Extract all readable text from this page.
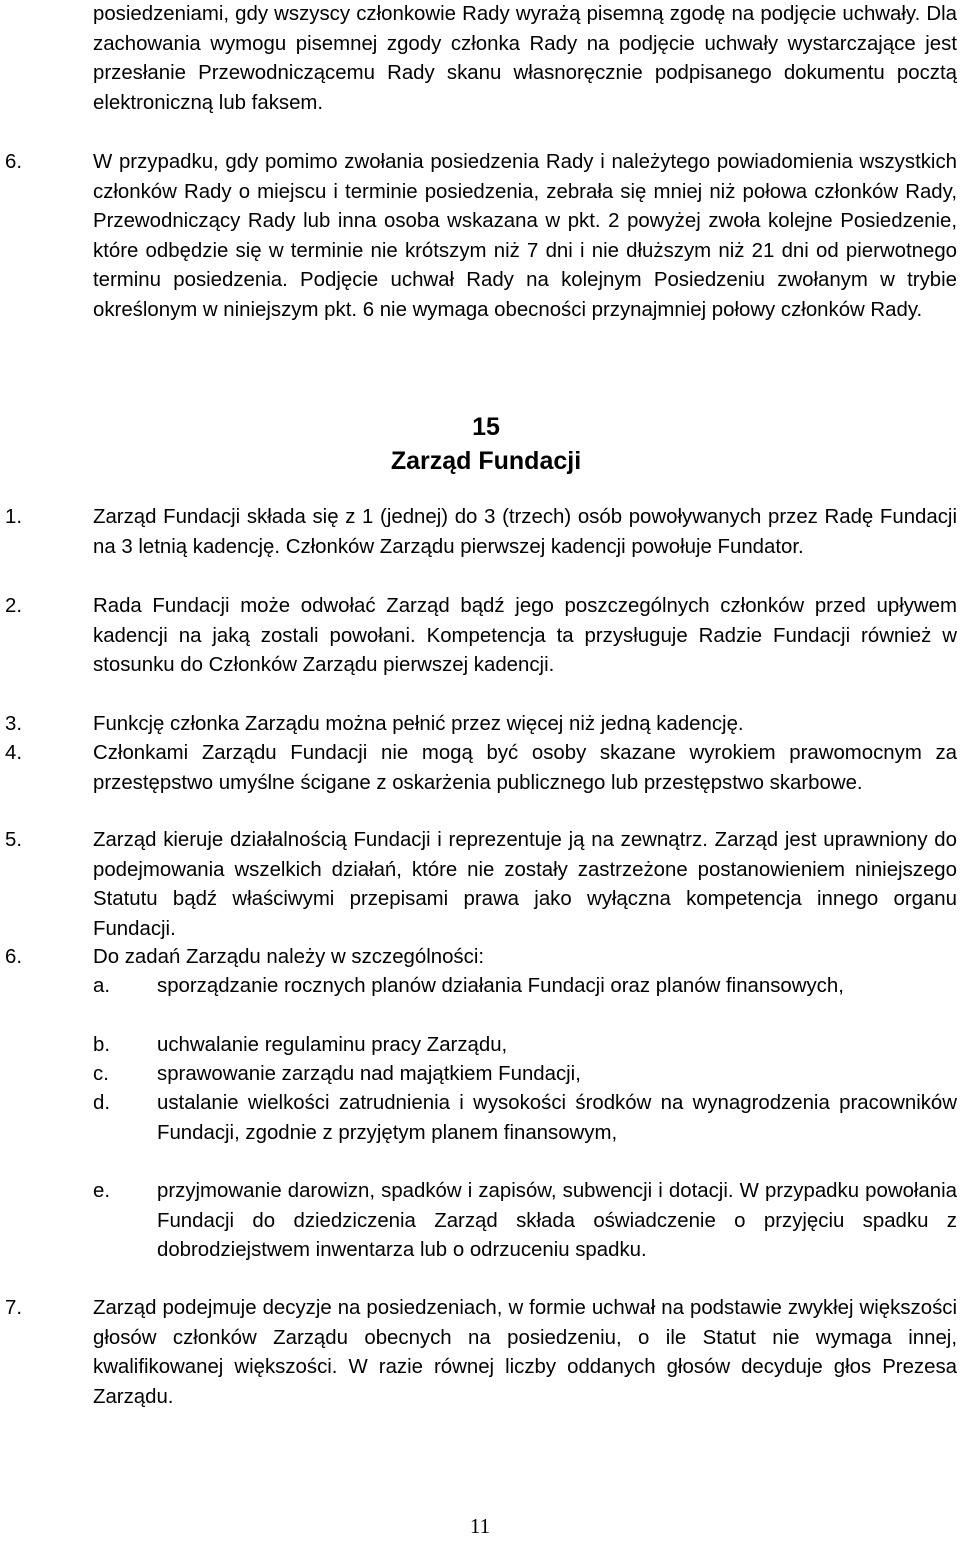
posiedzeniami, gdy wszyscy członkowie Rady wyrażą pisemną zgodę na podjęcie uchwały. Dla zachowania wymogu pisemnej zgody członka Rady na podjęcie uchwały wystarczające jest przesłanie Przewodniczącemu Rady skanu własnoręcznie podpisanego dokumentu pocztą elektroniczną lub faksem.
6.	W przypadku, gdy pomimo zwołania posiedzenia Rady i należytego powiadomienia wszystkich członków Rady o miejscu i terminie posiedzenia, zebrała się mniej niż połowa członków Rady, Przewodniczący Rady lub inna osoba wskazana w pkt. 2 powyżej zwoła kolejne Posiedzenie, które odbędzie się w terminie nie krótszym niż 7 dni i nie dłuższym niż 21 dni od pierwotnego terminu posiedzenia. Podjęcie uchwał Rady na kolejnym Posiedzeniu zwołanym w trybie określonym w niniejszym pkt. 6 nie wymaga obecności przynajmniej połowy członków Rady.
15
Zarząd Fundacji
1.	Zarząd Fundacji składa się z 1 (jednej) do 3 (trzech) osób powoływanych przez Radę Fundacji na 3 letnią kadencję. Członków Zarządu pierwszej kadencji powołuje Fundator.
2.	Rada Fundacji może odwołać Zarząd bądź jego poszczególnych członków przed upływem kadencji na jaką zostali powołani. Kompetencja ta przysługuje Radzie Fundacji również w stosunku do Członków Zarządu pierwszej kadencji.
3.	Funkcję członka Zarządu można pełnić przez więcej niż jedną kadencję.
4.	Członkami Zarządu Fundacji nie mogą być osoby skazane wyrokiem prawomocnym za przestępstwo umyślne ścigane z oskarżenia publicznego lub przestępstwo skarbowe.
5.	Zarząd kieruje działalnością Fundacji i reprezentuje ją na zewnątrz. Zarząd jest uprawniony do podejmowania wszelkich działań, które nie zostały zastrzeżone postanowieniem niniejszego Statutu bądź właściwymi przepisami prawa jako wyłączna kompetencja innego organu Fundacji.
6.	Do zadań Zarządu należy w szczególności:
a. sporządzanie rocznych planów działania Fundacji oraz planów finansowych,
b. uchwalanie regulaminu pracy Zarządu,
c. sprawowanie zarządu nad majątkiem Fundacji,
d. ustalanie wielkości zatrudnienia i wysokości środków na wynagrodzenia pracowników Fundacji, zgodnie z przyjętym planem finansowym,
e. przyjmowanie darowizn, spadków i zapisów, subwencji i dotacji. W przypadku powołania Fundacji do dziedziczenia Zarząd składa oświadczenie o przyjęciu spadku z dobrodziejstwem inwentarza lub o odrzuceniu spadku.
7.	Zarząd podejmuje decyzje na posiedzeniach, w formie uchwał na podstawie zwykłej większości głosów członków Zarządu obecnych na posiedzeniu, o ile Statut nie wymaga innej, kwalifikowanej większości. W razie równej liczby oddanych głosów decyduje głos Prezesa Zarządu.
11
